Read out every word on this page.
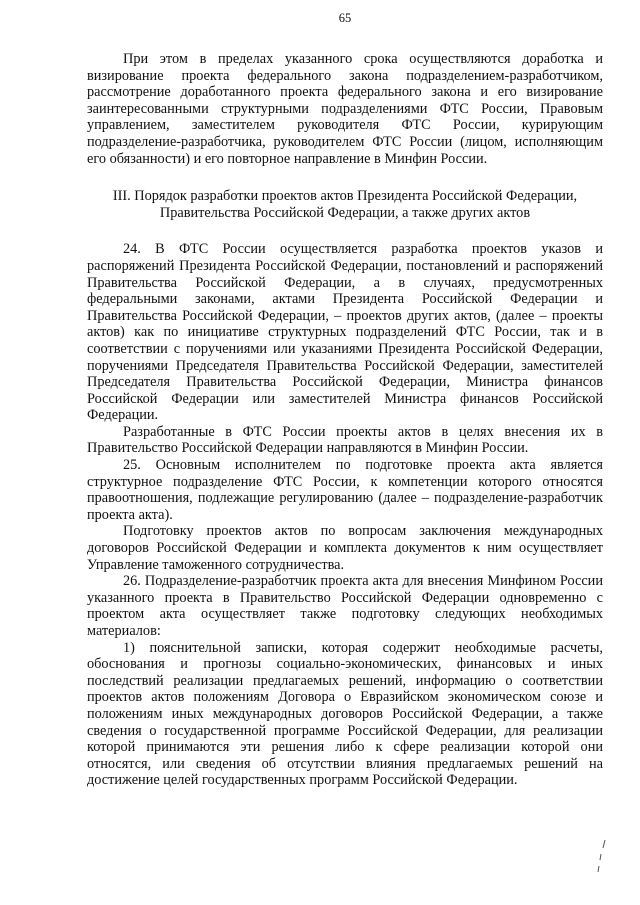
65

При этом в пределах указанного срока осуществляются доработка и визирование проекта федерального закона подразделением-разработчиком, рассмотрение доработанного проекта федерального закона и его визирование заинтересованными структурными подразделениями ФТС России, Правовым управлением, заместителем руководителя ФТС России, курирующим подразделение-разработчика, руководителем ФТС России (лицом, исполняющим его обязанности) и его повторное направление в Минфин России.

III. Порядок разработки проектов актов Президента Российской Федерации, Правительства Российской Федерации, а также других актов

24. В ФТС России осуществляется разработка проектов указов и распоряжений Президента Российской Федерации, постановлений и распоряжений Правительства Российской Федерации, а в случаях, предусмотренных федеральными законами, актами Президента Российской Федерации и Правительства Российской Федерации, – проектов других актов, (далее – проекты актов) как по инициативе структурных подразделений ФТС России, так и в соответствии с поручениями или указаниями Президента Российской Федерации, поручениями Председателя Правительства Российской Федерации, заместителей Председателя Правительства Российской Федерации, Министра финансов Российской Федерации или заместителей Министра финансов Российской Федерации.

Разработанные в ФТС России проекты актов в целях внесения их в Правительство Российской Федерации направляются в Минфин России.

25. Основным исполнителем по подготовке проекта акта является структурное подразделение ФТС России, к компетенции которого относятся правоотношения, подлежащие регулированию (далее – подразделение-разработчик проекта акта).

Подготовку проектов актов по вопросам заключения международных договоров Российской Федерации и комплекта документов к ним осуществляет Управление таможенного сотрудничества.

26. Подразделение-разработчик проекта акта для внесения Минфином России указанного проекта в Правительство Российской Федерации одновременно с проектом акта осуществляет также подготовку следующих необходимых материалов:

1) пояснительной записки, которая содержит необходимые расчеты, обоснования и прогнозы социально-экономических, финансовых и иных последствий реализации предлагаемых решений, информацию о соответствии проектов актов положениям Договора о Евразийском экономическом союзе и положениям иных международных договоров Российской Федерации, а также сведения о государственной программе Российской Федерации, для реализации которой принимаются эти решения либо к сфере реализации которой они относятся, или сведения об отсутствии влияния предлагаемых решений на достижение целей государственных программ Российской Федерации.
